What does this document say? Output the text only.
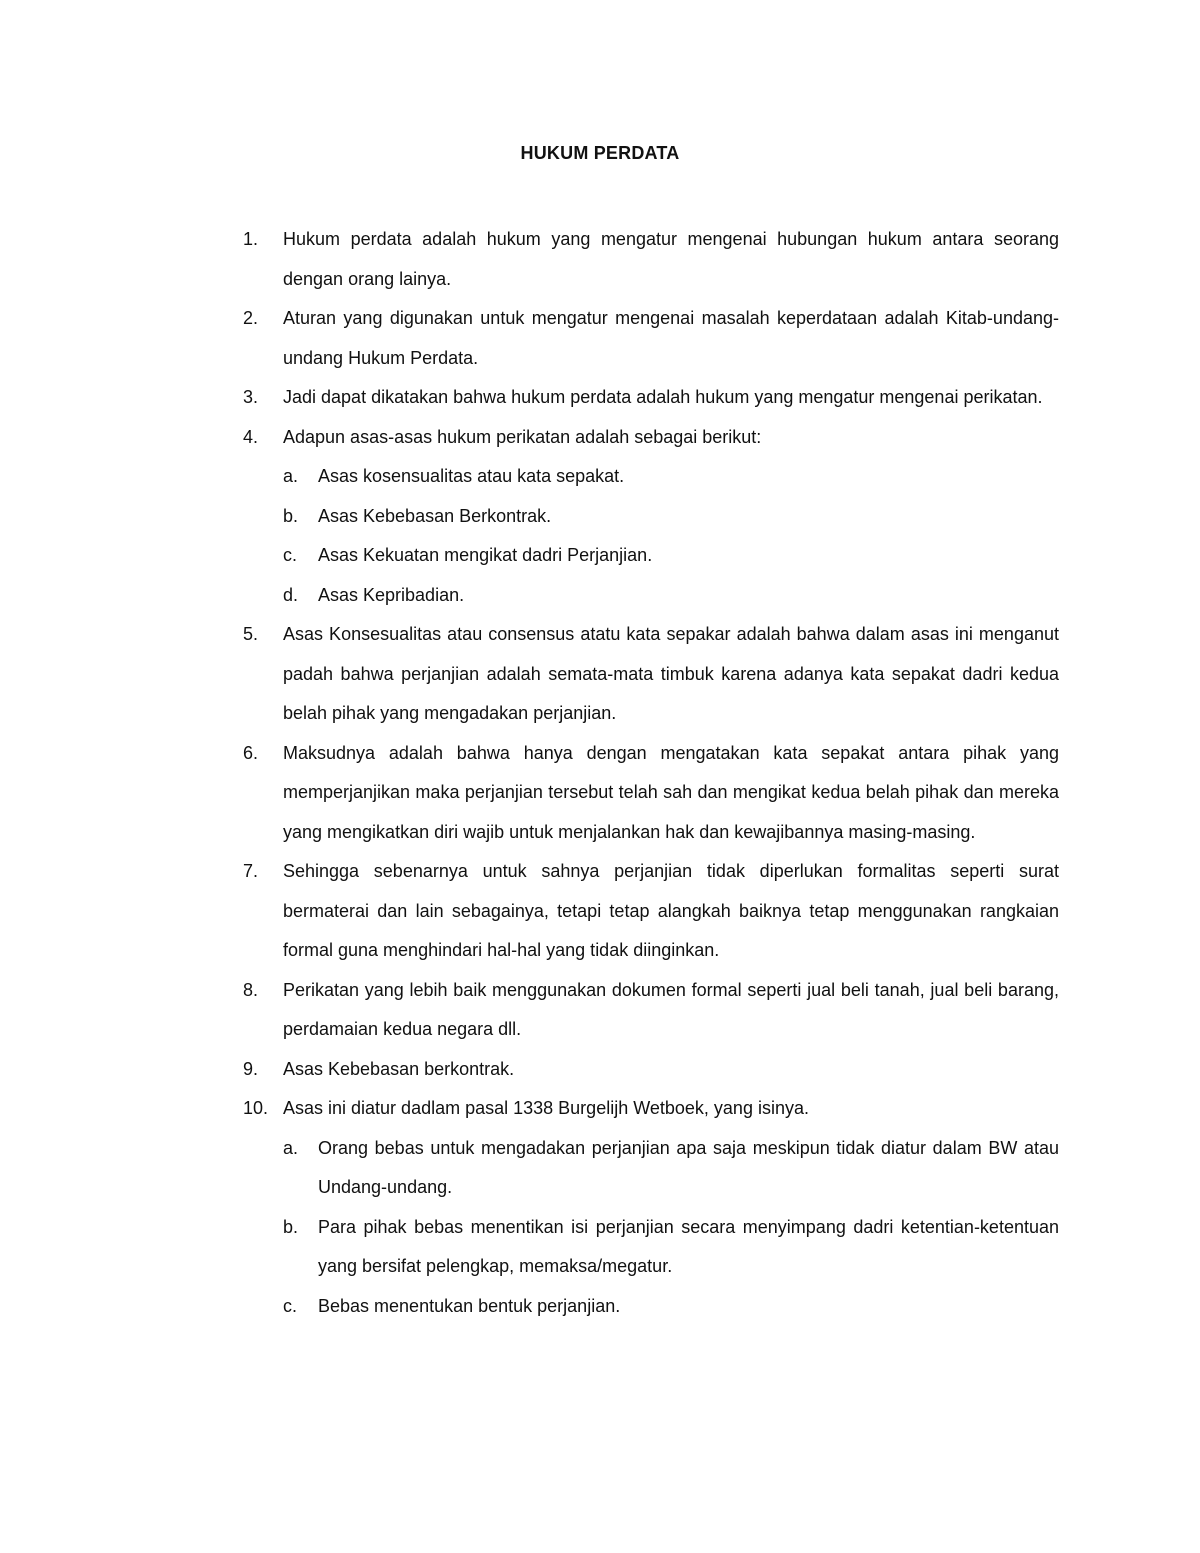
HUKUM PERDATA
1. Hukum perdata adalah hukum yang mengatur mengenai hubungan hukum antara seorang dengan orang lainya.
2. Aturan yang digunakan untuk mengatur mengenai masalah keperdataan adalah Kitab-undang-undang Hukum Perdata.
3. Jadi dapat dikatakan bahwa hukum perdata adalah hukum yang mengatur mengenai perikatan.
4. Adapun asas-asas hukum perikatan adalah sebagai berikut:
a. Asas kosensualitas atau kata sepakat.
b. Asas Kebebasan Berkontrak.
c. Asas Kekuatan mengikat dadri Perjanjian.
d. Asas Kepribadian.
5. Asas Konsesualitas atau consensus atatu kata sepakar adalah bahwa dalam asas ini menganut padah bahwa perjanjian adalah semata-mata timbuk karena adanya kata sepakat dadri kedua belah pihak yang mengadakan perjanjian.
6. Maksudnya adalah bahwa hanya dengan mengatakan kata sepakat antara pihak yang memperjanjikan maka perjanjian tersebut telah sah dan mengikat kedua belah pihak dan mereka yang mengikatkan diri wajib untuk menjalankan hak dan kewajibannya masing-masing.
7. Sehingga sebenarnya untuk sahnya perjanjian tidak diperlukan formalitas seperti surat bermaterai dan lain sebagainya, tetapi tetap alangkah baiknya tetap menggunakan rangkaian formal guna menghindari hal-hal yang tidak diinginkan.
8. Perikatan yang lebih baik menggunakan dokumen formal seperti jual beli tanah, jual beli barang, perdamaian kedua negara dll.
9. Asas Kebebasan berkontrak.
10. Asas ini diatur dadlam pasal 1338 Burgelijh Wetboek, yang isinya.
a. Orang bebas untuk mengadakan perjanjian apa saja meskipun tidak diatur dalam BW atau Undang-undang.
b. Para pihak bebas menentikan isi perjanjian secara menyimpang dadri ketentian-ketentuan yang bersifat pelengkap, memaksa/megatur.
c. Bebas menentukan bentuk perjanjian.
